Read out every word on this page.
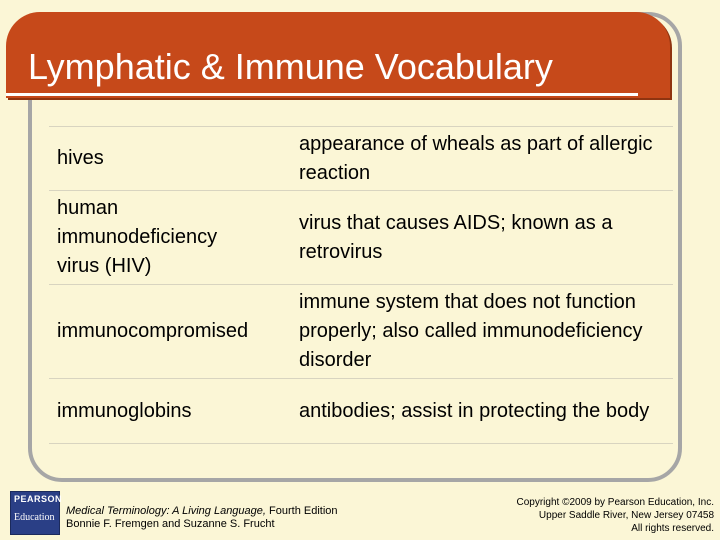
Lymphatic & Immune Vocabulary
hives	appearance of wheals as part of allergic reaction
human immunodeficiency virus (HIV)	virus that causes AIDS; known as a retrovirus
immunocompromised	immune system that does not function properly; also called immunodeficiency disorder
immunoglobins	antibodies; assist in protecting the body
PEARSON
Education
Medical Terminology: A Living Language, Fourth Edition
Bonnie F. Fremgen and Suzanne S. Frucht
Copyright ©2009 by Pearson Education, Inc.
Upper Saddle River, New Jersey 07458
All rights reserved.
